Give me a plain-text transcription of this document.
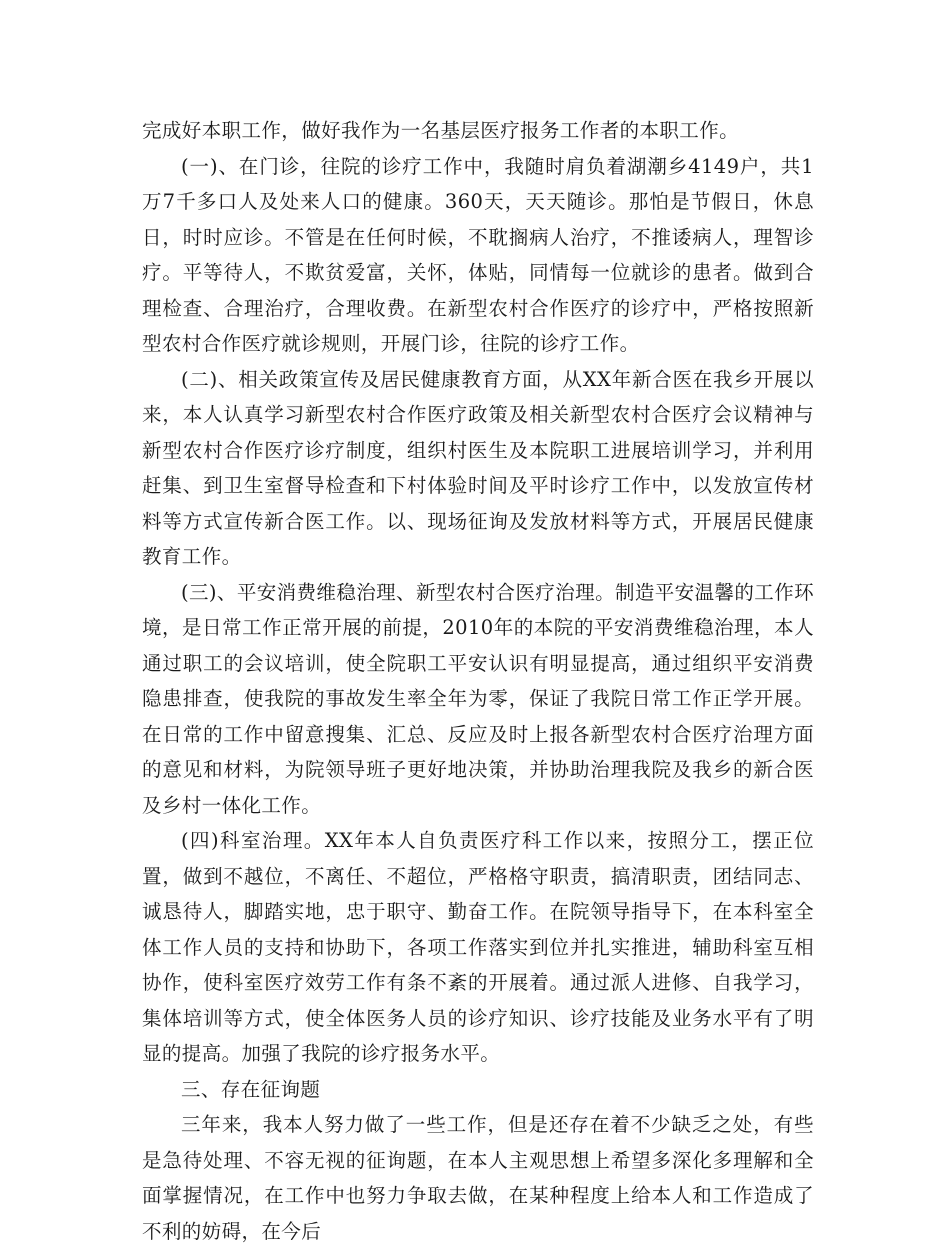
完成好本职工作，做好我作为一名基层医疗报务工作者的本职工作。

(一)、在门诊，往院的诊疗工作中，我随时肩负着湖潮乡4149户，共1万7千多口人及处来人口的健康。360天，天天随诊。那怕是节假日，休息日，时时应诊。不管是在任何时候，不耽搁病人治疗，不推诿病人，理智诊疗。平等待人，不欺贫爱富，关怀，体贴，同情每一位就诊的患者。做到合理检查、合理治疗，合理收费。在新型农村合作医疗的诊疗中，严格按照新型农村合作医疗就诊规则，开展门诊，往院的诊疗工作。

(二)、相关政策宣传及居民健康教育方面，从XX年新合医在我乡开展以来，本人认真学习新型农村合作医疗政策及相关新型农村合医疗会议精神与新型农村合作医疗诊疗制度，组织村医生及本院职工进展培训学习，并利用赶集、到卫生室督导检查和下村体验时间及平时诊疗工作中，以发放宣传材料等方式宣传新合医工作。以、现场征询及发放材料等方式，开展居民健康教育工作。

(三)、平安消费维稳治理、新型农村合医疗治理。制造平安温馨的工作环境，是日常工作正常开展的前提，2010年的本院的平安消费维稳治理，本人通过职工的会议培训，使全院职工平安认识有明显提高，通过组织平安消费隐患排查，使我院的事故发生率全年为零，保证了我院日常工作正学开展。在日常的工作中留意搜集、汇总、反应及时上报各新型农村合医疗治理方面的意见和材料，为院领导班子更好地决策，并协助治理我院及我乡的新合医及乡村一体化工作。

(四)科室治理。XX年本人自负责医疗科工作以来，按照分工，摆正位置，做到不越位，不离任、不超位，严格格守职责，搞清职责，团结同志、诚恳待人，脚踏实地，忠于职守、勤奋工作。在院领导指导下，在本科室全体工作人员的支持和协助下，各项工作落实到位并扎实推进，辅助科室互相协作，使科室医疗效劳工作有条不紊的开展着。通过派人进修、自我学习，集体培训等方式，使全体医务人员的诊疗知识、诊疗技能及业务水平有了明显的提高。加强了我院的诊疗报务水平。

三、存在征询题

三年来，我本人努力做了一些工作，但是还存在着不少缺乏之处，有些是急待处理、不容无视的征询题，在本人主观思想上希望多深化多理解和全面掌握情况，在工作中也努力争取去做，在某种程度上给本人和工作造成了不利的妨碍，在今后
